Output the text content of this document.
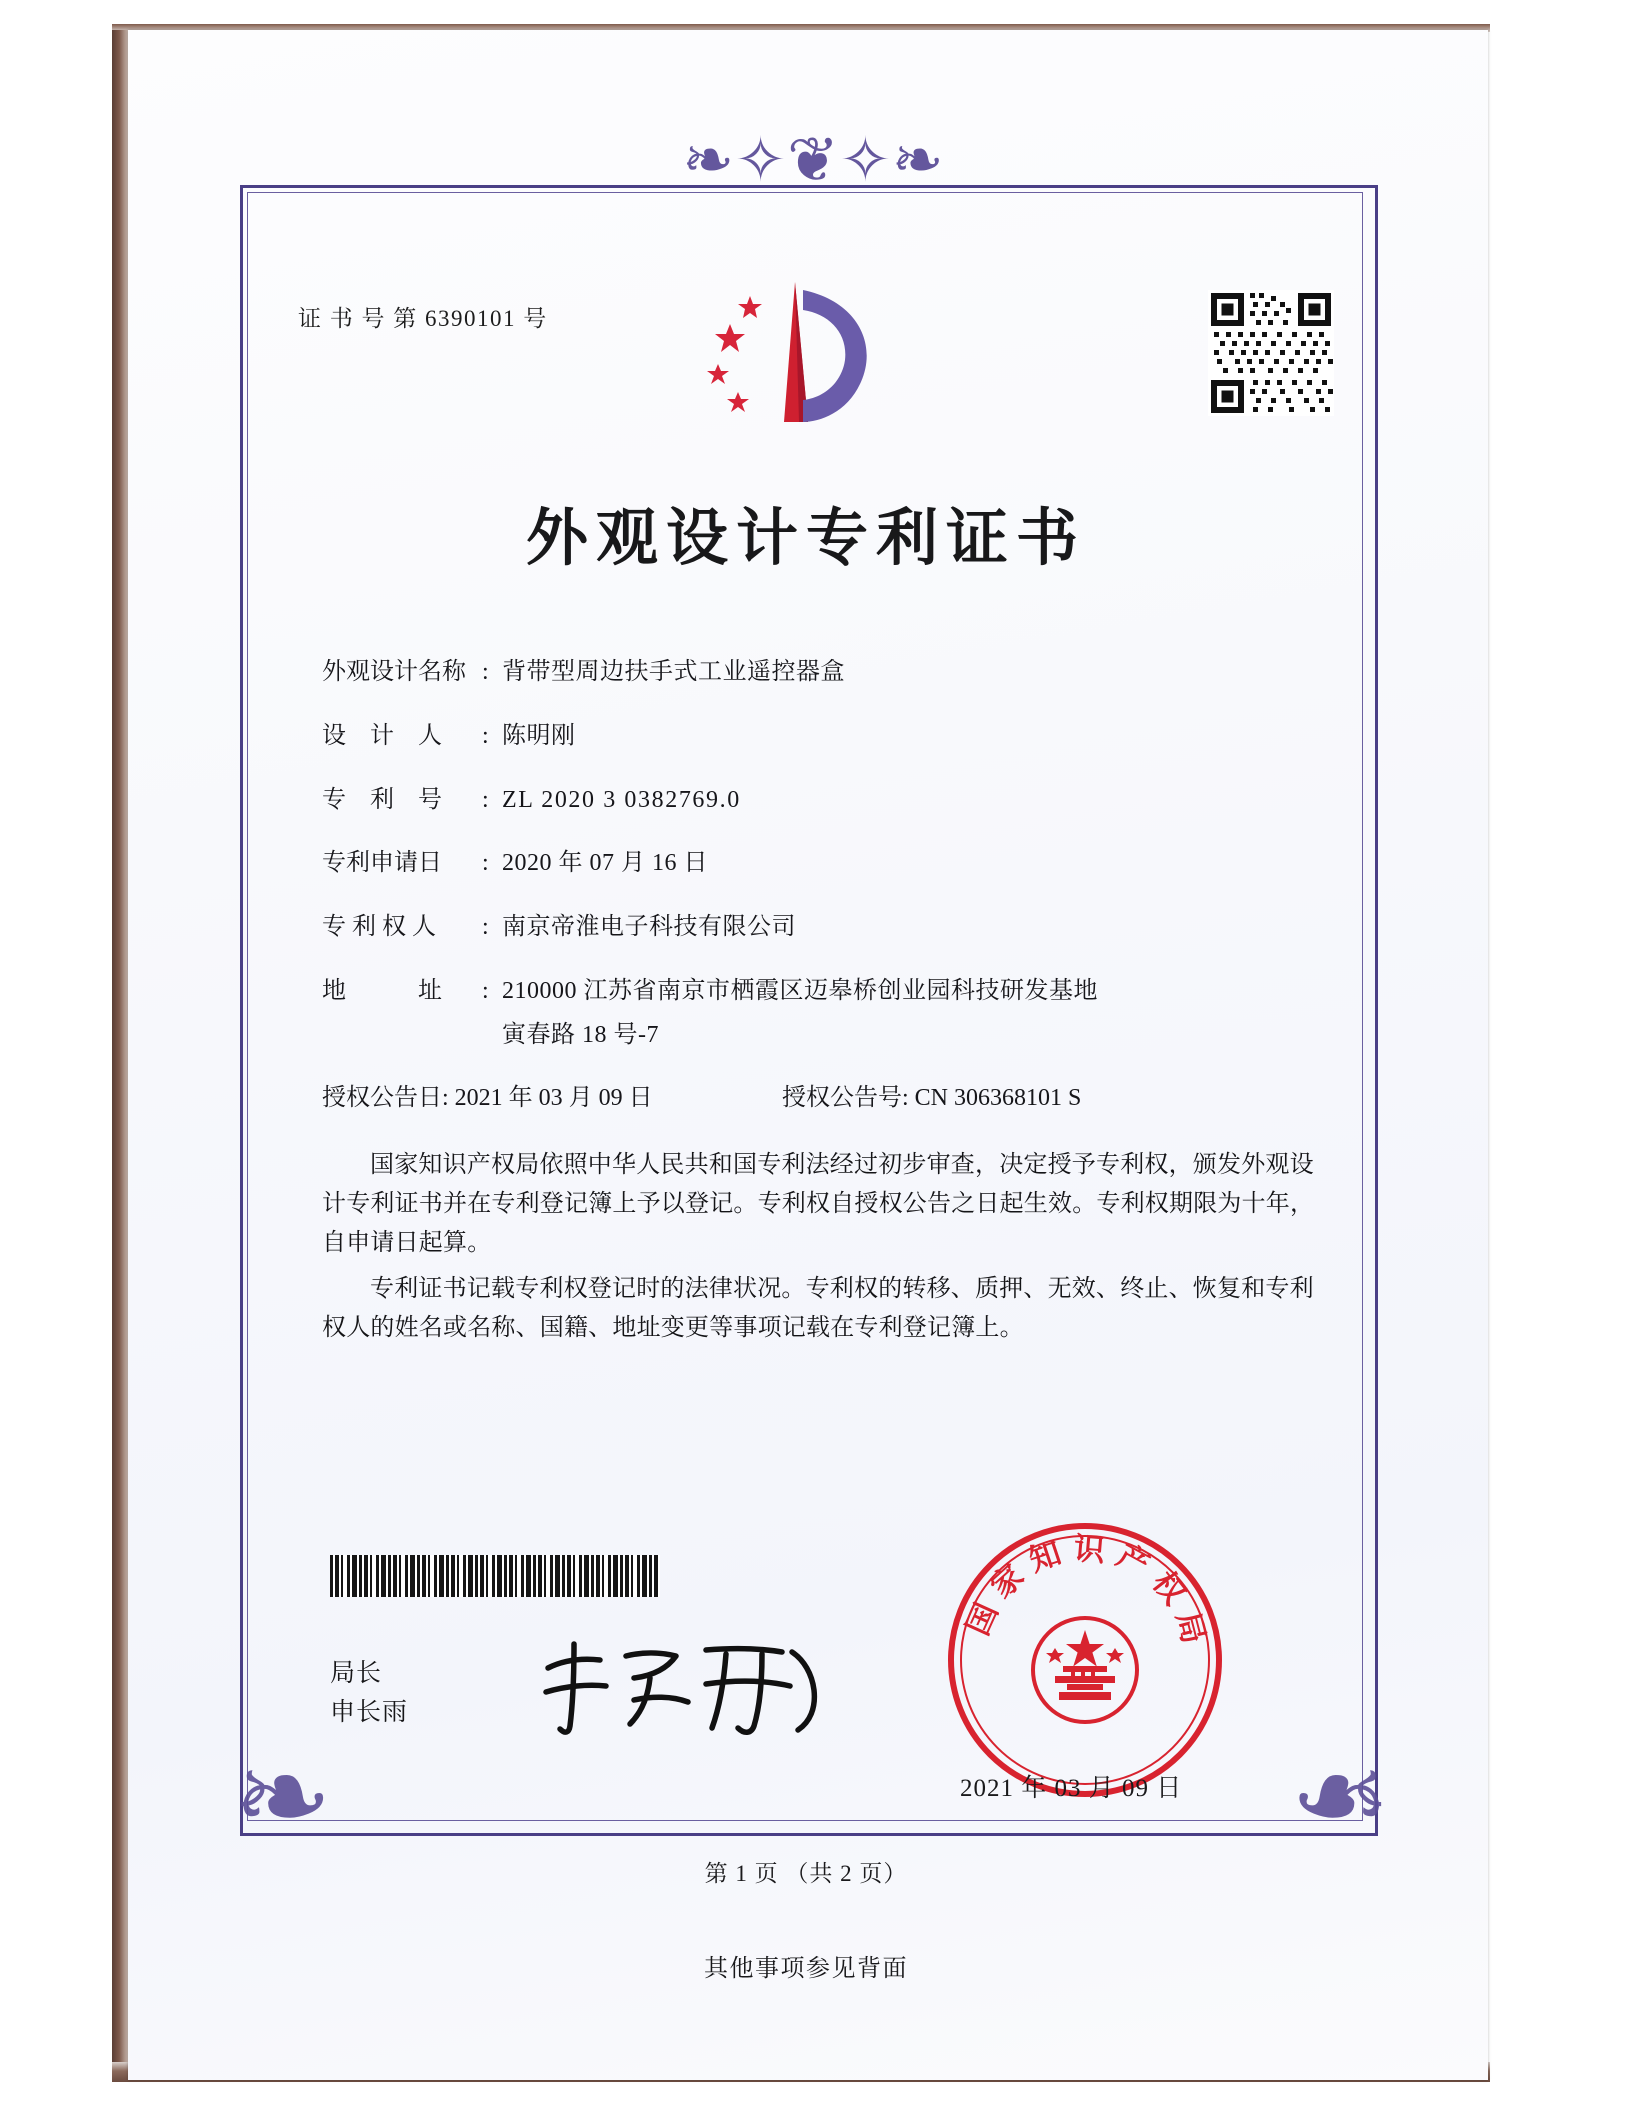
❧ ✧ ❦ ✧ ❧
❧	❧
证 书 号 第 6390101 号
外观设计专利证书
外观设计名称 : 背带型周边扶手式工业遥控器盒
设　计　人	: 陈明刚
专　利　号	: ZL 2020 3 0382769.0
专利申请日	: 2020 年 07 月 16 日
专 利 权 人	: 南京帝淮电子科技有限公司
地　　　址	: 210000 江苏省南京市栖霞区迈皋桥创业园科技研发基地
寅春路 18 号-7
授权公告日: 2021 年 03 月 09 日	授权公告号: CN 306368101 S
国家知识产权局依照中华人民共和国专利法经过初步审查，决定授予专利权，颁发外观设计专利证书并在专利登记簿上予以登记。专利权自授权公告之日起生效。专利权期限为十年，自申请日起算。
专利证书记载专利权登记时的法律状况。专利权的转移、质押、无效、终止、恢复和专利权人的姓名或名称、国籍、地址变更等事项记载在专利登记簿上。
局长
申长雨
国家知识产权局
2021 年 03 月 09 日
第 1 页 （共 2 页）
其他事项参见背面
